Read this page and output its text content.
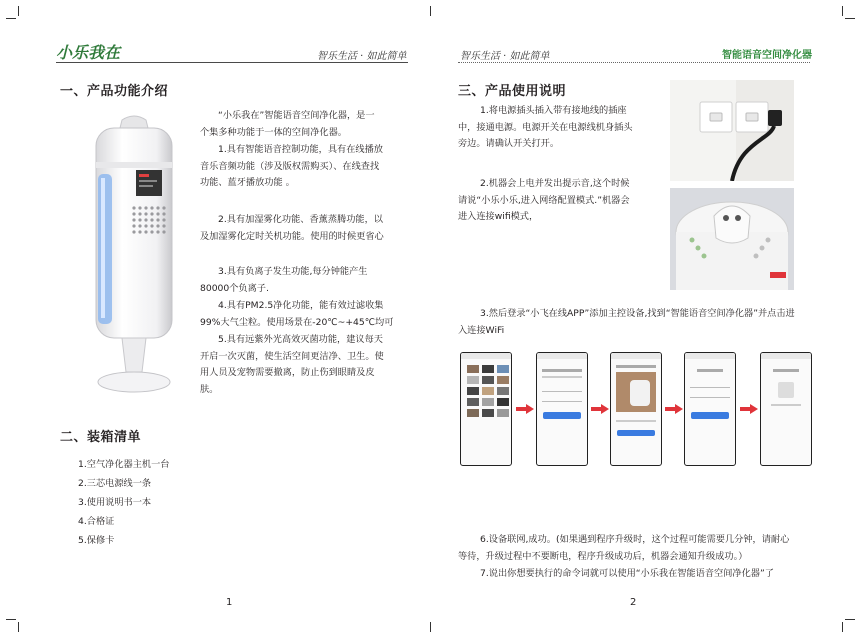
小乐我在	智乐生活 · 如此简单
一、产品功能介绍
“小乐我在”智能语音空间净化器，是一
个集多种功能于一体的空间净化器。
1.具有智能语音控制功能，具有在线播放
音乐音频功能（涉及版权需购买）、在线查找
功能、蓝牙播放功能 。
2.具有加湿雾化功能、香薰蒸腾功能，以
及加湿雾化定时关机功能。使用的时候更省心
3.具有负离子发生功能,每分钟能产生
80000个负离子.
4.具有PM2.5净化功能，能有效过滤收集
99%大气尘粒。使用场景在-20℃~+45℃均可
5.具有远紫外光高效灭菌功能，建议每天
开启一次灭菌，使生活空间更洁净、卫生。使
用人员及宠物需要撤离，防止伤到眼睛及皮
肤。
二、装箱清单
1.空气净化器主机一台
2.三芯电源线一条
3.使用说明书一本
4.合格证
5.保修卡
1
智乐生活 · 如此简单	智能语音空间净化器
三、产品使用说明
1.将电源插头插入带有接地线的插座
中，接通电源。电源开关在电源线机身插头
旁边。请确认开关打开。
2.机器会上电并发出提示音,这个时候
请说“小乐小乐,进入网络配置模式.”机器会
进入连接wifi模式，
3.然后登录“小飞在线APP”添加主控设备,找到“智能语音空间净化器”并点击进
入连接WiFi
6.设备联网,成功。(如果遇到程序升级时，这个过程可能需要几分钟，请耐心
等待，升级过程中不要断电，程序升级成功后，机器会通知升级成功。）
7.说出你想要执行的命令词就可以使用“小乐我在智能语音空间净化器”了
2
